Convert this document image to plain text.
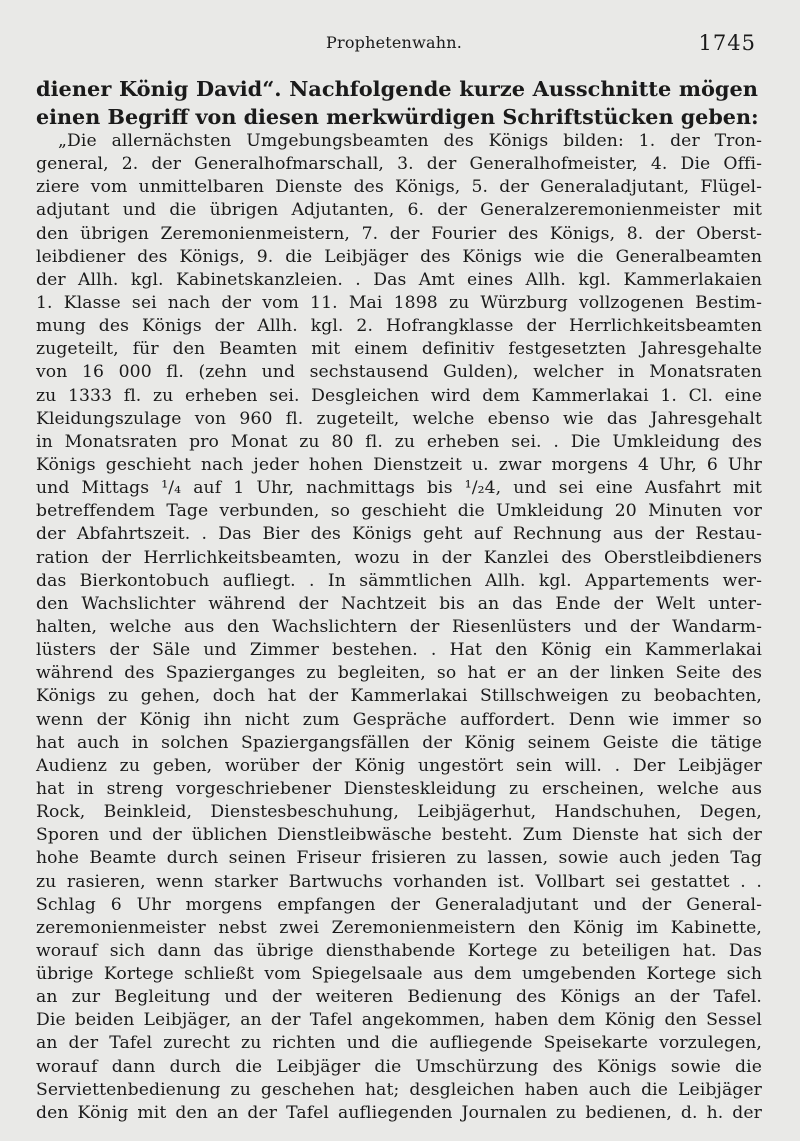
Prophetenwahn.	1745
diener König David“. Nachfolgende kurze Ausschnitte mögen
einen Begriff von diesen merkwürdigen Schriftstücken geben:
„Die allernächsten Umgebungsbeamten des Königs bilden: 1. der Tron-
general, 2. der Generalhofmarschall, 3. der Generalhofmeister, 4. Die Offi-
ziere vom unmittelbaren Dienste des Königs, 5. der Generaladjutant, Flügel-
adjutant und die übrigen Adjutanten, 6. der Generalzeremonienmeister mit
den übrigen Zeremonienmeistern, 7. der Fourier des Königs, 8. der Oberst-
leibdiener des Königs, 9. die Leibjäger des Königs wie die Generalbeamten
der Allh. kgl. Kabinetskanzleien. . Das Amt eines Allh. kgl. Kammerlakaien
1. Klasse sei nach der vom 11. Mai 1898 zu Würzburg vollzogenen Bestim-
mung des Königs der Allh. kgl. 2. Hofrangklasse der Herrlichkeitsbeamten
zugeteilt, für den Beamten mit einem definitiv festgesetzten Jahresgehalte
von 16 000 fl. (zehn und sechstausend Gulden), welcher in Monatsraten
zu 1333 fl. zu erheben sei. Desgleichen wird dem Kammerlakai 1. Cl. eine
Kleidungszulage von 960 fl. zugeteilt, welche ebenso wie das Jahresgehalt
in Monatsraten pro Monat zu 80 fl. zu erheben sei. . Die Umkleidung des
Königs geschieht nach jeder hohen Dienstzeit u. zwar morgens 4 Uhr, 6 Uhr
und Mittags ¹/₄ auf 1 Uhr, nachmittags bis ¹/₂4, und sei eine Ausfahrt mit
betreffendem Tage verbunden, so geschieht die Umkleidung 20 Minuten vor
der Abfahrtszeit. . Das Bier des Königs geht auf Rechnung aus der Restau-
ration der Herrlichkeitsbeamten, wozu in der Kanzlei des Oberstleibdieners
das Bierkontobuch aufliegt. . In sämmtlichen Allh. kgl. Appartements wer-
den Wachslichter während der Nachtzeit bis an das Ende der Welt unter-
halten, welche aus den Wachslichtern der Riesenlüsters und der Wandarm-
lüsters der Säle und Zimmer bestehen. . Hat den König ein Kammerlakai
während des Spazierganges zu begleiten, so hat er an der linken Seite des
Königs zu gehen, doch hat der Kammerlakai Stillschweigen zu beobachten,
wenn der König ihn nicht zum Gespräche auffordert. Denn wie immer so
hat auch in solchen Spaziergangsfällen der König seinem Geiste die tätige
Audienz zu geben, worüber der König ungestört sein will. . Der Leibjäger
hat in streng vorgeschriebener Diensteskleidung zu erscheinen, welche aus
Rock, Beinkleid, Dienstesbeschuhung, Leibjägerhut, Handschuhen, Degen,
Sporen und der üblichen Dienstleibwäsche besteht. Zum Dienste hat sich der
hohe Beamte durch seinen Friseur frisieren zu lassen, sowie auch jeden Tag
zu rasieren, wenn starker Bartwuchs vorhanden ist. Vollbart sei gestattet . .
Schlag 6 Uhr morgens empfangen der Generaladjutant und der General-
zeremonienmeister nebst zwei Zeremonienmeistern den König im Kabinette,
worauf sich dann das übrige diensthabende Kortege zu beteiligen hat. Das
übrige Kortege schließt vom Spiegelsaale aus dem umgebenden Kortege sich
an zur Begleitung und der weiteren Bedienung des Königs an der Tafel.
Die beiden Leibjäger, an der Tafel angekommen, haben dem König den Sessel
an der Tafel zurecht zu richten und die aufliegende Speisekarte vorzulegen,
worauf dann durch die Leibjäger die Umschürzung des Königs sowie die
Serviettenbedienung zu geschehen hat; desgleichen haben auch die Leibjäger
den König mit den an der Tafel aufliegenden Journalen zu bedienen, d. h. der
